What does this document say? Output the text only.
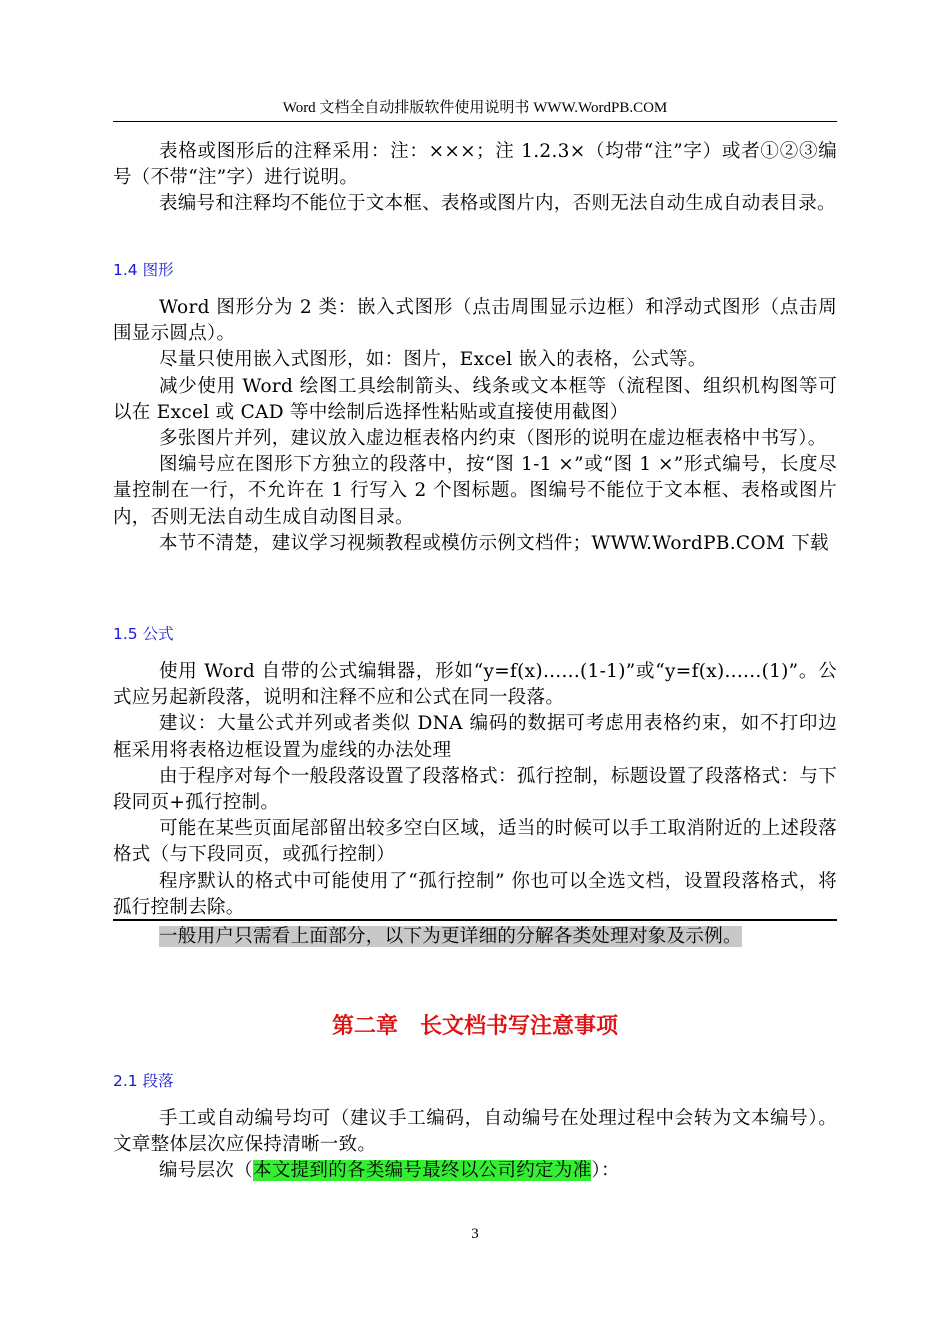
Word 文档全自动排版软件使用说明书 WWW.WordPB.COM

表格或图形后的注释采用：注：×××；注 1.2.3×（均带“注”字）或者①②③编号（不带“注”字）进行说明。

表编号和注释均不能位于文本框、表格或图片内，否则无法自动生成自动表目录。

1.4 图形

Word 图形分为 2 类：嵌入式图形（点击周围显示边框）和浮动式图形（点击周围显示圆点）。

尽量只使用嵌入式图形，如：图片，Excel 嵌入的表格，公式等。

减少使用 Word 绘图工具绘制箭头、线条或文本框等（流程图、组织机构图等可以在 Excel 或 CAD 等中绘制后选择性粘贴或直接使用截图）

多张图片并列，建议放入虚边框表格内约束（图形的说明在虚边框表格中书写）。

图编号应在图形下方独立的段落中，按“图 1-1 ×”或“图 1 ×”形式编号，长度尽量控制在一行，不允许在 1 行写入 2 个图标题。图编号不能位于文本框、表格或图片内，否则无法自动生成自动图目录。

本节不清楚，建议学习视频教程或模仿示例文档件；WWW.WordPB.COM 下载

1.5 公式

使用 Word 自带的公式编辑器，形如“y=f(x)......(1-1)”或“y=f(x)......(1)”。公式应另起新段落，说明和注释不应和公式在同一段落。

建议：大量公式并列或者类似 DNA 编码的数据可考虑用表格约束，如不打印边框采用将表格边框设置为虚线的办法处理

由于程序对每个一般段落设置了段落格式：孤行控制，标题设置了段落格式：与下段同页+孤行控制。

可能在某些页面尾部留出较多空白区域，适当的时候可以手工取消附近的上述段落格式（与下段同页，或孤行控制）

程序默认的格式中可能使用了“孤行控制” 你也可以全选文档，设置段落格式，将孤行控制去除。

一般用户只需看上面部分，以下为更详细的分解各类处理对象及示例。
第二章　长文档书写注意事项
2.1 段落

手工或自动编号均可（建议手工编码，自动编号在处理过程中会转为文本编号）。文章整体层次应保持清晰一致。

编号层次（本文提到的各类编号最终以公司约定为准）：

3
